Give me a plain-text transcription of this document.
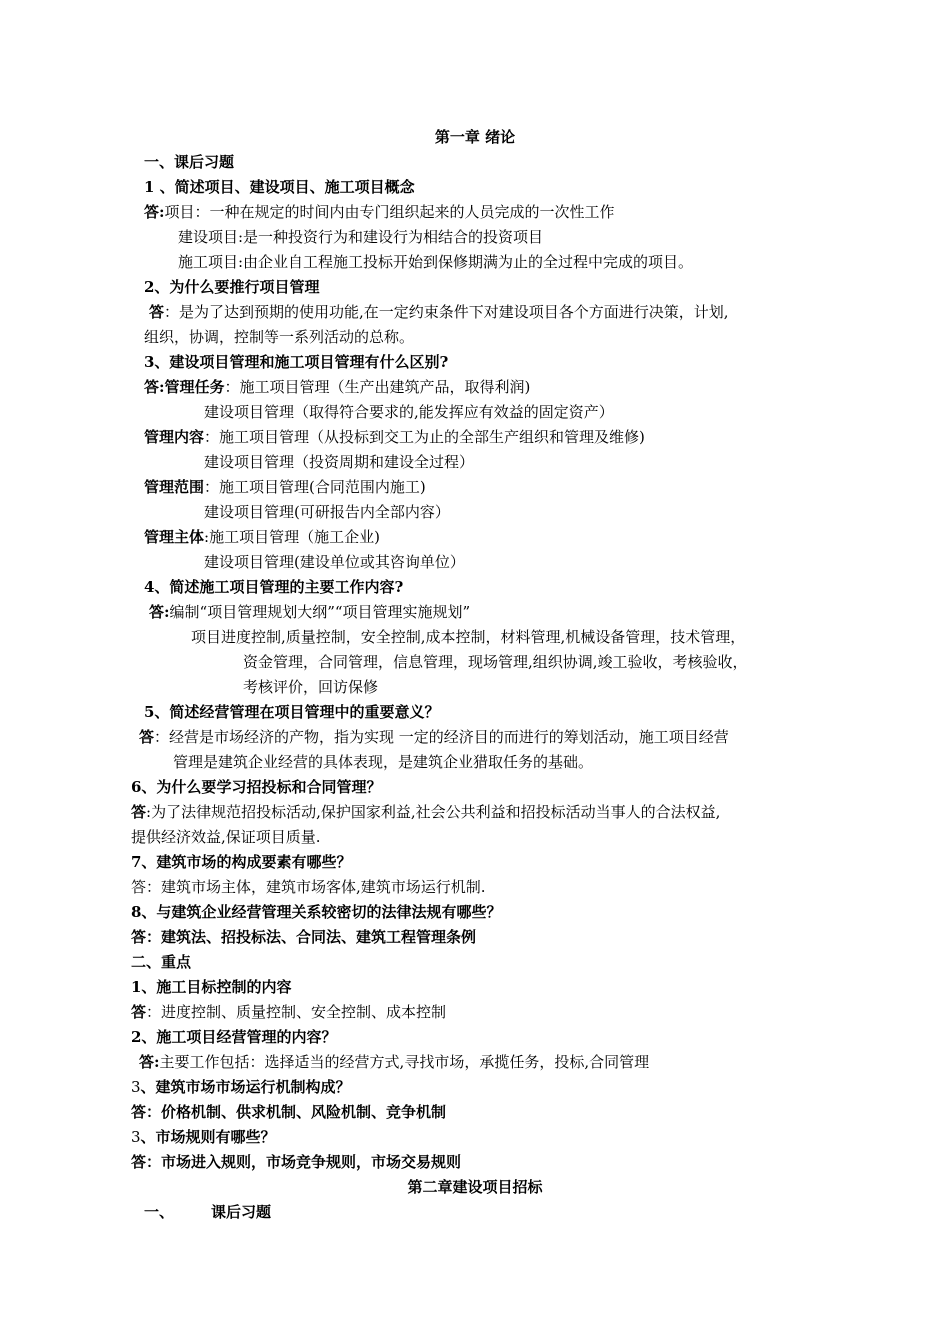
第一章 绪论
一、课后习题
1 、简述项目、建设项目、施工项目概念
答:项目：一种在规定的时间内由专门组织起来的人员完成的一次性工作
建设项目:是一种投资行为和建设行为相结合的投资项目
施工项目:由企业自工程施工投标开始到保修期满为止的全过程中完成的项目。
2、为什么要推行项目管理
答：是为了达到预期的使用功能,在一定约束条件下对建设项目各个方面进行决策，计划,
组织，协调，控制等一系列活动的总称。
3、建设项目管理和施工项目管理有什么区别?
答:管理任务：施工项目管理（生产出建筑产品，取得利润)
建设项目管理（取得符合要求的,能发挥应有效益的固定资产）
管理内容：施工项目管理（从投标到交工为止的全部生产组织和管理及维修)
建设项目管理（投资周期和建设全过程）
管理范围：施工项目管理(合同范围内施工)
建设项目管理(可研报告内全部内容）
管理主体:施工项目管理（施工企业)
建设项目管理(建设单位或其咨询单位）
4、简述施工项目管理的主要工作内容?
答:编制“项目管理规划大纲”“项目管理实施规划”
项目进度控制,质量控制，安全控制,成本控制，材料管理,机械设备管理，技术管理，
资金管理，合同管理，信息管理，现场管理,组织协调,竣工验收，考核验收，
考核评价，回访保修
5、简述经营管理在项目管理中的重要意义？
答：经营是市场经济的产物，指为实现 一定的经济目的而进行的筹划活动，施工项目经营
管理是建筑企业经营的具体表现，是建筑企业猎取任务的基础。
6、为什么要学习招投标和合同管理？
答:为了法律规范招投标活动,保护国家利益,社会公共利益和招投标活动当事人的合法权益,
提供经济效益,保证项目质量.
7、建筑市场的构成要素有哪些？
答：建筑市场主体，建筑市场客体,建筑市场运行机制.
8、与建筑企业经营管理关系较密切的法律法规有哪些？
答：建筑法、招投标法、合同法、建筑工程管理条例
二、重点
1、施工目标控制的内容
答：进度控制、质量控制、安全控制、成本控制
2、施工项目经营管理的内容？
答:主要工作包括：选择适当的经营方式,寻找市场，承揽任务，投标,合同管理
3、建筑市场市场运行机制构成？
答：价格机制、供求机制、风险机制、竞争机制
3、市场规则有哪些？
答：市场进入规则，市场竞争规则，市场交易规则
第二章建设项目招标
一、 课后习题
